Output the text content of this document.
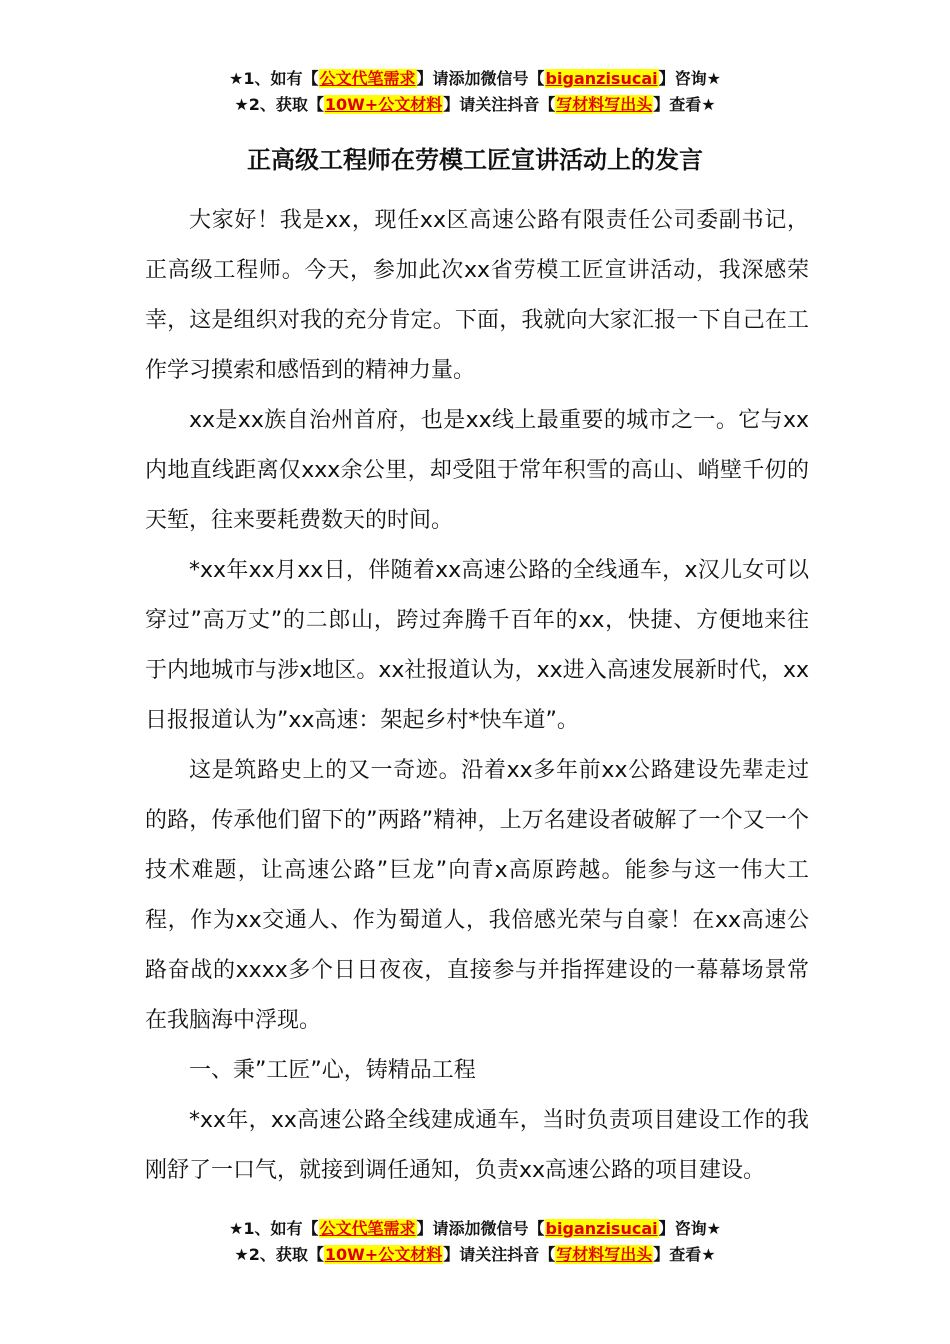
★1、如有【公文代笔需求】请添加微信号【biganzisucai】咨询★
★2、获取【10W+公文材料】请关注抖音【写材料写出头】查看★
正高级工程师在劳模工匠宣讲活动上的发言

大家好！我是xx，现任xx区高速公路有限责任公司委副书记，正高级工程师。今天，参加此次xx省劳模工匠宣讲活动，我深感荣幸，这是组织对我的充分肯定。下面，我就向大家汇报一下自己在工作学习摸索和感悟到的精神力量。

xx是xx族自治州首府，也是xx线上最重要的城市之一。它与xx内地直线距离仅xxx余公里，却受阻于常年积雪的高山、峭壁千仞的天堑，往来要耗费数天的时间。

*xx年xx月xx日，伴随着xx高速公路的全线通车，x汉儿女可以穿过”高万丈”的二郎山，跨过奔腾千百年的xx，快捷、方便地来往于内地城市与涉x地区。xx社报道认为，xx进入高速发展新时代，xx日报报道认为”xx高速：架起乡村*快车道”。

这是筑路史上的又一奇迹。沿着xx多年前xx公路建设先辈走过的路，传承他们留下的”两路”精神，上万名建设者破解了一个又一个技术难题，让高速公路”巨龙”向青x高原跨越。能参与这一伟大工程，作为xx交通人、作为蜀道人，我倍感光荣与自豪！在xx高速公路奋战的xxxx多个日日夜夜，直接参与并指挥建设的一幕幕场景常在我脑海中浮现。

一、秉”工匠”心，铸精品工程

*xx年，xx高速公路全线建成通车，当时负责项目建设工作的我刚舒了一口气，就接到调任通知，负责xx高速公路的项目建设。

★1、如有【公文代笔需求】请添加微信号【biganzisucai】咨询★
★2、获取【10W+公文材料】请关注抖音【写材料写出头】查看★
